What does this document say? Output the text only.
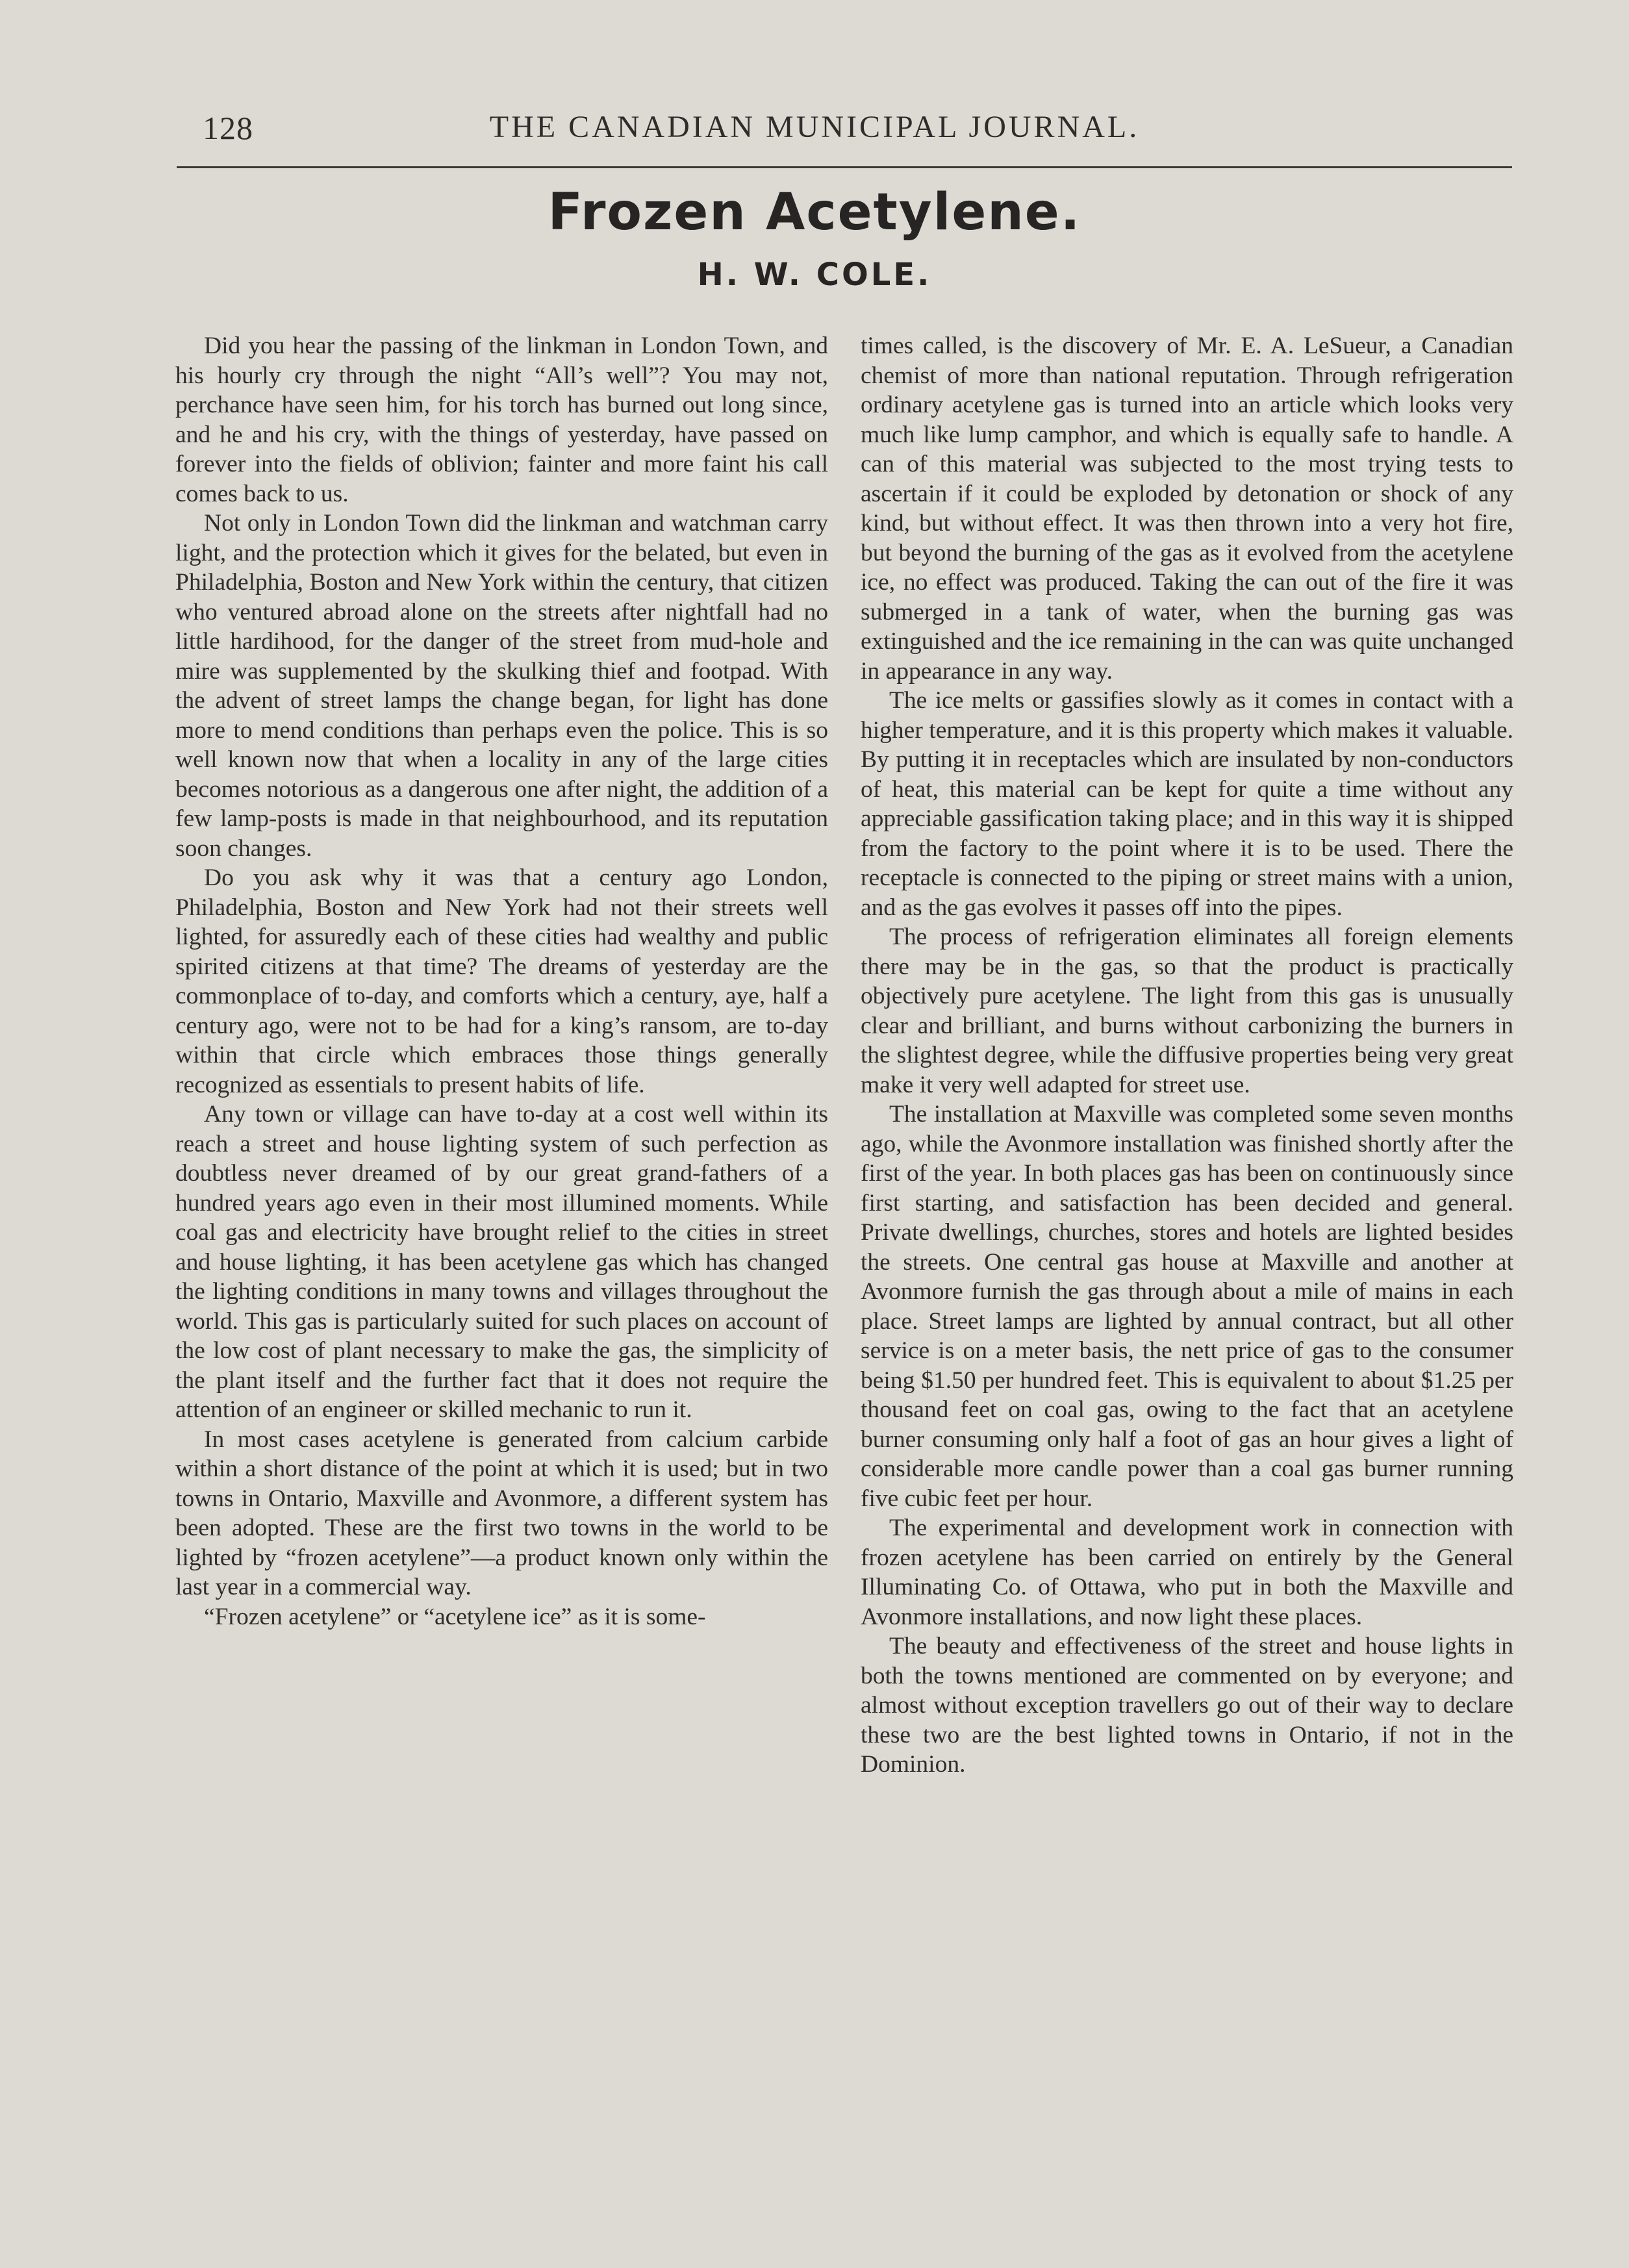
128	THE CANADIAN MUNICIPAL JOURNAL.
Frozen Acetylene.
H. W. COLE.

Did you hear the passing of the linkman in London Town, and his hourly cry through the night “All’s well”? You may not, perchance have seen him, for his torch has burned out long since, and he and his cry, with the things of yesterday, have passed on forever into the fields of oblivion; fainter and more faint his call comes back to us.

Not only in London Town did the linkman and watchman carry light, and the protection which it gives for the belated, but even in Philadelphia, Boston and New York within the century, that citizen who ventured abroad alone on the streets after nightfall had no little hardihood, for the danger of the street from mud-hole and mire was supplemented by the skulking thief and footpad. With the advent of street lamps the change began, for light has done more to mend conditions than perhaps even the police. This is so well known now that when a locality in any of the large cities becomes notorious as a dangerous one after night, the addition of a few lamp-posts is made in that neighbourhood, and its reputation soon changes.

Do you ask why it was that a century ago London, Philadelphia, Boston and New York had not their streets well lighted, for assuredly each of these cities had wealthy and public spirited citizens at that time? The dreams of yesterday are the commonplace of to-day, and comforts which a century, aye, half a century ago, were not to be had for a king’s ransom, are to-day within that circle which embraces those things generally recognized as essentials to present habits of life.

Any town or village can have to-day at a cost well within its reach a street and house lighting system of such perfection as doubtless never dreamed of by our great grand-fathers of a hundred years ago even in their most illumined moments. While coal gas and electricity have brought relief to the cities in street and house lighting, it has been acetylene gas which has changed the lighting conditions in many towns and villages throughout the world. This gas is particularly suited for such places on account of the low cost of plant necessary to make the gas, the simplicity of the plant itself and the further fact that it does not require the attention of an engineer or skilled mechanic to run it.

In most cases acetylene is generated from calcium carbide within a short distance of the point at which it is used; but in two towns in Ontario, Maxville and Avonmore, a different system has been adopted. These are the first two towns in the world to be lighted by “frozen acetylene”—a product known only within the last year in a commercial way.

“Frozen acetylene” or “acetylene ice” as it is some-

times called, is the discovery of Mr. E. A. LeSueur, a Canadian chemist of more than national reputation. Through refrigeration ordinary acetylene gas is turned into an article which looks very much like lump camphor, and which is equally safe to handle. A can of this material was subjected to the most trying tests to ascertain if it could be exploded by detonation or shock of any kind, but without effect. It was then thrown into a very hot fire, but beyond the burning of the gas as it evolved from the acetylene ice, no effect was produced. Taking the can out of the fire it was submerged in a tank of water, when the burning gas was extinguished and the ice remaining in the can was quite unchanged in appearance in any way.

The ice melts or gassifies slowly as it comes in contact with a higher temperature, and it is this property which makes it valuable. By putting it in receptacles which are insulated by non-conductors of heat, this material can be kept for quite a time without any appreciable gassification taking place; and in this way it is shipped from the factory to the point where it is to be used. There the receptacle is connected to the piping or street mains with a union, and as the gas evolves it passes off into the pipes.

The process of refrigeration eliminates all foreign elements there may be in the gas, so that the product is practically objectively pure acetylene. The light from this gas is unusually clear and brilliant, and burns without carbonizing the burners in the slightest degree, while the diffusive properties being very great make it very well adapted for street use.

The installation at Maxville was completed some seven months ago, while the Avonmore installation was finished shortly after the first of the year. In both places gas has been on continuously since first starting, and satisfaction has been decided and general. Private dwellings, churches, stores and hotels are lighted besides the streets. One central gas house at Maxville and another at Avonmore furnish the gas through about a mile of mains in each place. Street lamps are lighted by annual contract, but all other service is on a meter basis, the nett price of gas to the consumer being $1.50 per hundred feet. This is equivalent to about $1.25 per thousand feet on coal gas, owing to the fact that an acetylene burner consuming only half a foot of gas an hour gives a light of considerable more candle power than a coal gas burner running five cubic feet per hour.

The experimental and development work in connection with frozen acetylene has been carried on entirely by the General Illuminating Co. of Ottawa, who put in both the Maxville and Avonmore installations, and now light these places.

The beauty and effectiveness of the street and house lights in both the towns mentioned are commented on by everyone; and almost without exception travellers go out of their way to declare these two are the best lighted towns in Ontario, if not in the Dominion.
